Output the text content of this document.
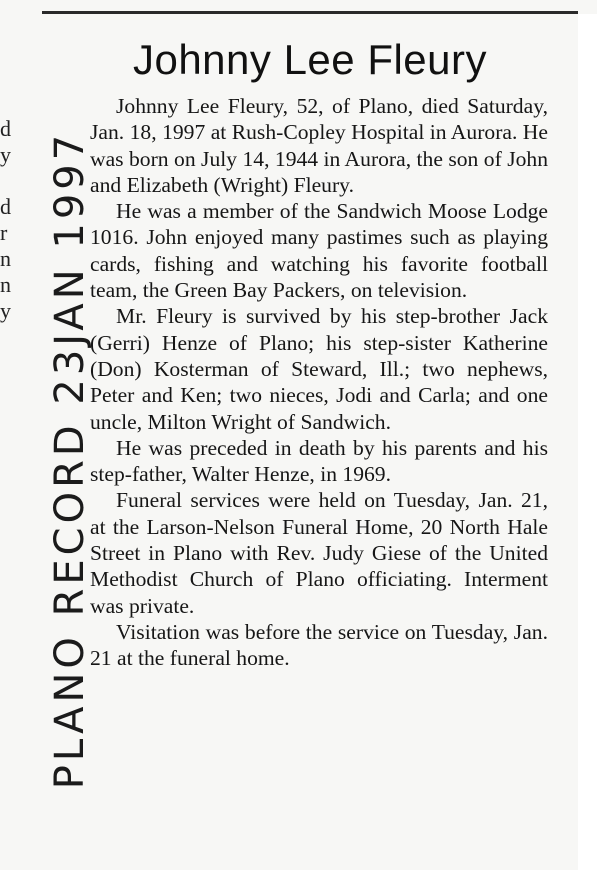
d
y
d
r
n
n
y
Johnny Lee Fleury

Johnny Lee Fleury, 52, of Plano, died Saturday, Jan. 18, 1997 at Rush-Copley Hospital in Aurora. He was born on July 14, 1944 in Aurora, the son of John and Elizabeth (Wright) Fleury.

He was a member of the Sandwich Moose Lodge 1016. John enjoyed many pastimes such as playing cards, fishing and watching his favorite football team, the Green Bay Packers, on television.

Mr. Fleury is survived by his step-brother Jack (Gerri) Henze of Plano; his step-sister Katherine (Don) Kosterman of Steward, Ill.; two nephews, Peter and Ken; two nieces, Jodi and Carla; and one uncle, Milton Wright of Sandwich.

He was preceded in death by his parents and his step-father, Walter Henze, in 1969.

Funeral services were held on Tuesday, Jan. 21, at the Larson-Nelson Funeral Home, 20 North Hale Street in Plano with Rev. Judy Giese of the United Methodist Church of Plano officiating. Interment was private.

Visitation was before the service on Tuesday, Jan. 21 at the funeral home.

PLANO RECORD 23JAN 1997
